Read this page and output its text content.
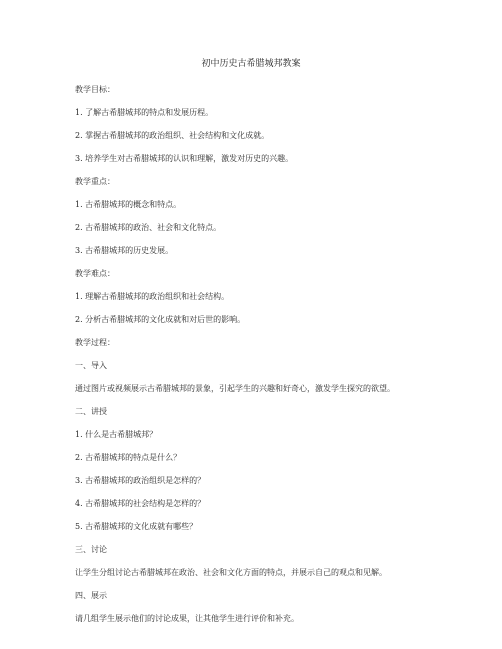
初中历史古希腊城邦教案
教学目标：
1. 了解古希腊城邦的特点和发展历程。
2. 掌握古希腊城邦的政治组织、社会结构和文化成就。
3. 培养学生对古希腊城邦的认识和理解，激发对历史的兴趣。
教学重点：
1. 古希腊城邦的概念和特点。
2. 古希腊城邦的政治、社会和文化特点。
3. 古希腊城邦的历史发展。
教学难点：
1. 理解古希腊城邦的政治组织和社会结构。
2. 分析古希腊城邦的文化成就和对后世的影响。
教学过程：
一、导入
通过图片或视频展示古希腊城邦的景象，引起学生的兴趣和好奇心，激发学生探究的欲望。
二、讲授
1. 什么是古希腊城邦？
2. 古希腊城邦的特点是什么？
3. 古希腊城邦的政治组织是怎样的？
4. 古希腊城邦的社会结构是怎样的？
5. 古希腊城邦的文化成就有哪些？
三、讨论
让学生分组讨论古希腊城邦在政治、社会和文化方面的特点，并展示自己的观点和见解。
四、展示
请几组学生展示他们的讨论成果，让其他学生进行评价和补充。
